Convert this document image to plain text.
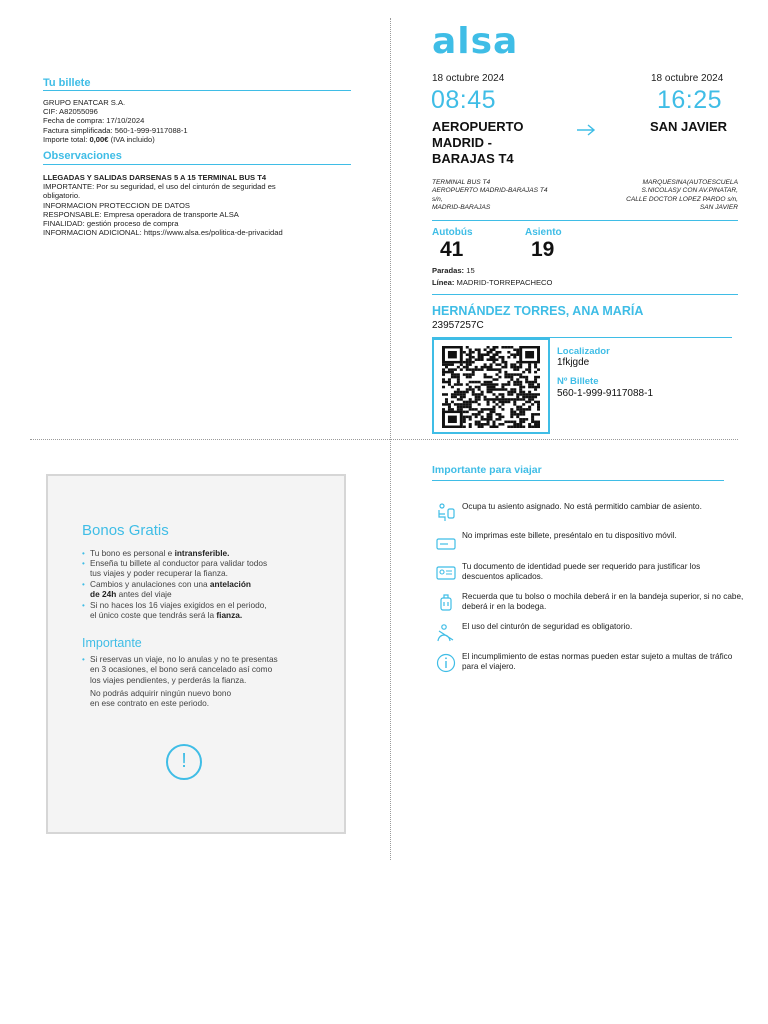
Tu billete
GRUPO ENATCAR S.A.
CIF: A82055096
Fecha de compra: 17/10/2024
Factura simplificada: 560-1-999-9117088-1
Importe total: 0,00€ (IVA incluido)
Observaciones
LLEGADAS Y SALIDAS DARSENAS 5 A 15 TERMINAL BUS T4
IMPORTANTE: Por su seguridad, el uso del cinturón de seguridad es
obligatorio.
INFORMACION PROTECCION DE DATOS
RESPONSABLE: Empresa operadora de transporte ALSA
FINALIDAD: gestión proceso de compra
INFORMACION ADICIONAL: https://www.alsa.es/politica-de-privacidad
alsa
18 octubre 2024	18 octubre 2024
08:45	16:25
AEROPUERTO
MADRID -
BARAJAS T4
SAN JAVIER
TERMINAL BUS T4
AEROPUERTO MADRID-BARAJAS T4
s/n,
MADRID-BARAJAS
MARQUESINA(AUTOESCUELA
S.NICOLAS)/ CON AV.PINATAR,
CALLE DOCTOR LOPEZ PARDO s/n,
SAN JAVIER
Autobús
41
Asiento
19
Paradas: 15
Línea: MADRID-TORREPACHECO
HERNÁNDEZ TORRES, ANA MARÍA
23957257C
Localizador
1fkjgde
Nº Billete
560-1-999-9117088-1
Bonos Gratis
• Tu bono es personal e intransferible.
• Enseña tu billete al conductor para validar todos
tus viajes y poder recuperar la fianza.
• Cambios y anulaciones con una antelación
de 24h antes del viaje
• Si no haces los 16 viajes exigidos en el periodo,
el único coste que tendrás será la fianza.
Importante
• Si reservas un viaje, no lo anulas y no te presentas
en 3 ocasiones, el bono será cancelado así como
los viajes pendientes, y perderás la fianza.
No podrás adquirir ningún nuevo bono
en ese contrato en este periodo.
!
Importante para viajar
Ocupa tu asiento asignado. No está permitido cambiar de asiento.
No imprimas este billete, preséntalo en tu dispositivo móvil.
Tu documento de identidad puede ser requerido para justificar los descuentos aplicados.
Recuerda que tu bolso o mochila deberá ir en la bandeja superior, si no cabe, deberá ir en la bodega.
El uso del cinturón de seguridad es obligatorio.
El incumplimiento de estas normas pueden estar sujeto a multas de tráfico para el viajero.
